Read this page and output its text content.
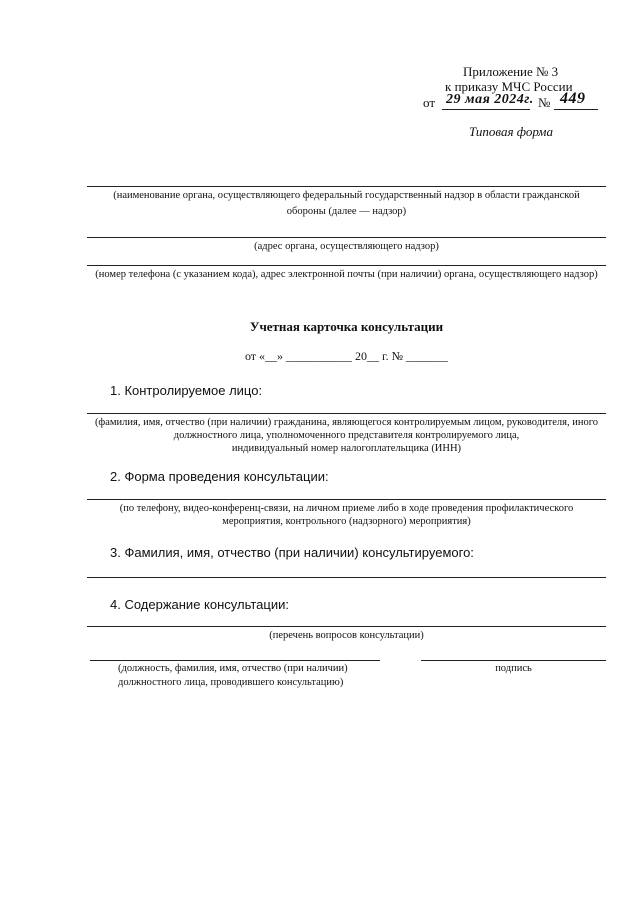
Приложение № 3
к приказу МЧС России
от 29 мая 2024г. № 449
Типовая форма
(наименование органа, осуществляющего федеральный государственный надзор в области гражданской
обороны (далее — надзор)
(адрес органа, осуществляющего надзор)
(номер телефона (с указанием кода), адрес электронной почты (при наличии) органа, осуществляющего надзор)
Учетная карточка консультации
от «__» ___________ 20__ г. № _______
1. Контролируемое лицо:
(фамилия, имя, отчество (при наличии) гражданина, являющегося контролируемым лицом, руководителя, иного
должностного лица, уполномоченного представителя контролируемого лица,
индивидуальный номер налогоплательщика (ИНН)
2. Форма проведения консультации:
(по телефону, видео-конференц-связи, на личном приеме либо в ходе проведения профилактического
мероприятия, контрольного (надзорного) мероприятия)
3. Фамилия, имя, отчество (при наличии) консультируемого:
4. Содержание консультации:
(перечень вопросов консультации)
(должность, фамилия, имя, отчество (при наличии)
должностного лица, проводившего консультацию)
подпись
